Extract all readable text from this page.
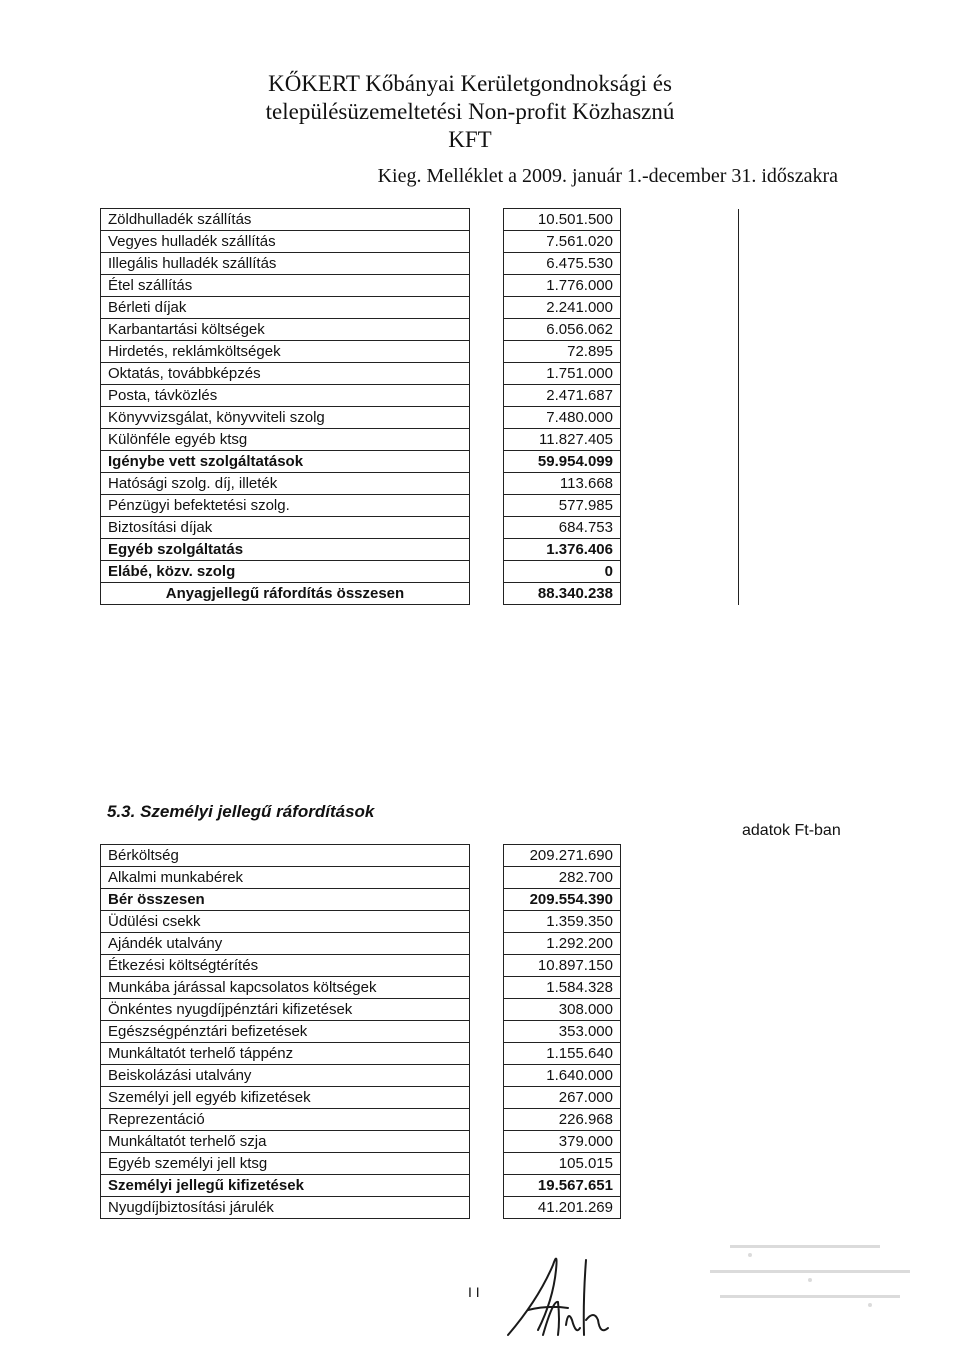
KŐKERT Kőbányai Kerületgondnoksági és
településüzemeltetési Non-profit Közhasznú
KFT
Kieg. Melléklet a 2009. január 1.-december 31. időszakra
Zöldhulladék szállítás		10.501.500	
Vegyes hulladék szállítás		7.561.020	
Illegális hulladék szállítás		6.475.530	
Étel szállítás		1.776.000	
Bérleti díjak		2.241.000	
Karbantartási költségek		6.056.062	
Hirdetés, reklámköltségek		72.895	
Oktatás, továbbképzés		1.751.000	
Posta, távközlés		2.471.687	
Könyvvizsgálat, könyvviteli szolg		7.480.000	
Különféle egyéb ktsg		11.827.405	
Igénybe vett szolgáltatások		59.954.099	
Hatósági szolg. díj, illeték		113.668	
Pénzügyi befektetési szolg.		577.985	
Biztosítási díjak		684.753	
Egyéb szolgáltatás		1.376.406	
Elábé, közv. szolg		0	
Anyagjellegű ráfordítás összesen		88.340.238	
5.3. Személyi jellegű ráfordítások
adatok Ft-ban
Bérköltség		209.271.690
Alkalmi munkabérek		282.700
Bér összesen		209.554.390
Üdülési csekk		1.359.350
Ajándék utalvány		1.292.200
Étkezési költségtérítés		10.897.150
Munkába járással kapcsolatos költségek		1.584.328
Önkéntes nyugdíjpénztári kifizetések		308.000
Egészségpénztári befizetések		353.000
Munkáltatót terhelő táppénz		1.155.640
Beiskolázási utalvány		1.640.000
Személyi jell egyéb kifizetések		267.000
Reprezentáció		226.968
Munkáltatót terhelő szja		379.000
Egyéb személyi jell ktsg		105.015
Személyi jellegű kifizetések		19.567.651
Nyugdíjbiztosítási járulék		41.201.269
I I
